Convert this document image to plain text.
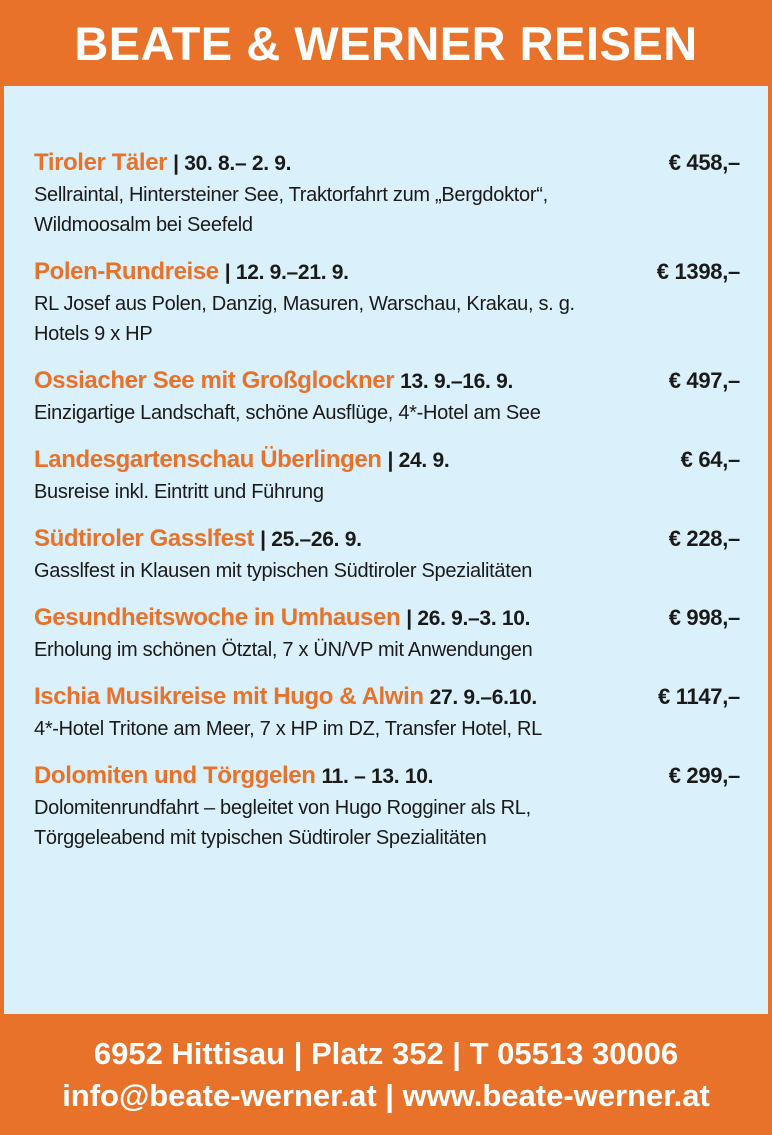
BEATE & WERNER REISEN
Tiroler Täler | 30. 8.– 2. 9.	€ 458,–
Sellraintal, Hintersteiner See, Traktorfahrt zum „Bergdoktor“,
Wildmoosalm bei Seefeld
Polen-Rundreise | 12. 9.–21. 9.	€ 1398,–
RL Josef aus Polen, Danzig, Masuren, Warschau, Krakau, s. g.
Hotels 9 x HP
Ossiacher See mit Großglockner 13. 9.–16. 9.	€ 497,–
Einzigartige Landschaft, schöne Ausflüge, 4*-Hotel am See
Landesgartenschau Überlingen | 24. 9.	€ 64,–
Busreise inkl. Eintritt und Führung
Südtiroler Gasslfest | 25.–26. 9.	€ 228,–
Gasslfest in Klausen mit typischen Südtiroler Spezialitäten
Gesundheitswoche in Umhausen | 26. 9.–3. 10.	€ 998,–
Erholung im schönen Ötztal, 7 x ÜN/VP mit Anwendungen
Ischia Musikreise mit Hugo & Alwin 27. 9.–6.10.	€ 1147,–
4*-Hotel Tritone am Meer, 7 x HP im DZ, Transfer Hotel, RL
Dolomiten und Törggelen 11. – 13. 10.	€ 299,–
Dolomitenrundfahrt – begleitet von Hugo Rogginer als RL,
Törggeleabend mit typischen Südtiroler Spezialitäten
6952 Hittisau | Platz 352 | T 05513 30006
info@beate-werner.at | www.beate-werner.at
